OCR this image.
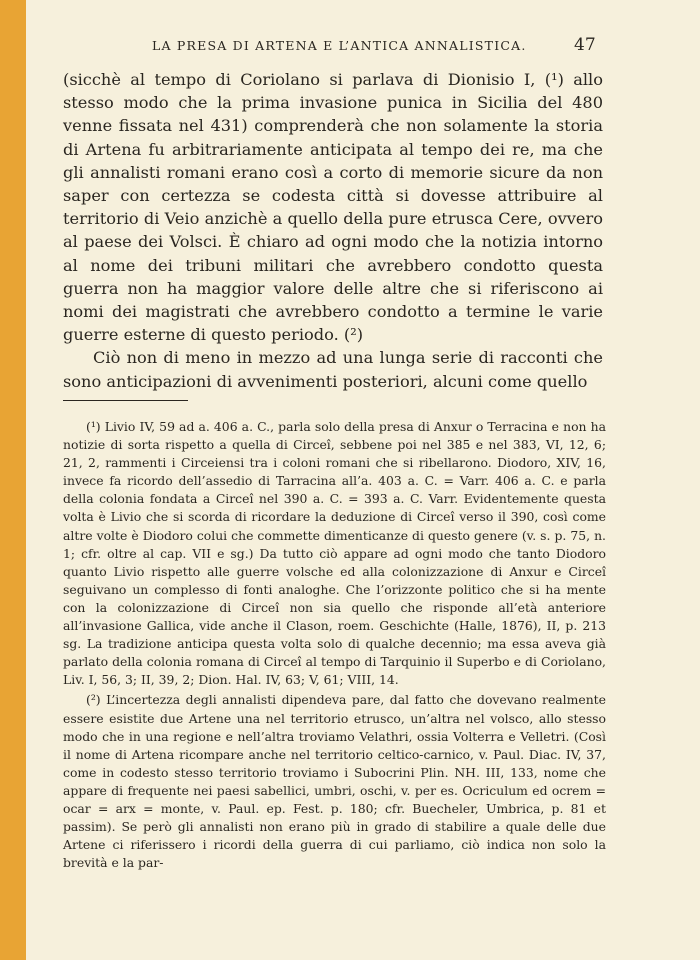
LA PRESA DI ARTENA E L’ANTICA ANNALISTICA.	47

(sicchè al tempo di Coriolano si parlava di Dionisio I, (¹) allo stesso modo che la prima invasione punica in Sicilia del 480 venne fissata nel 431) comprenderà che non solamente la storia di Artena fu arbitrariamente anticipata al tempo dei re, ma che gli annalisti romani erano così a corto di memorie sicure da non saper con certezza se codesta città si dovesse attribuire al territorio di Veio anzichè a quello della pure etrusca Cere, ovvero al paese dei Volsci. È chiaro ad ogni modo che la notizia intorno al nome dei tribuni militari che avrebbero condotto questa guerra non ha maggior valore delle altre che si riferiscono ai nomi dei magistrati che avrebbero condotto a termine le varie guerre esterne di questo periodo. (²)

Ciò non di meno in mezzo ad una lunga serie di racconti che sono anticipazioni di avvenimenti posteriori, alcuni come quello

(¹) Livio IV, 59 ad a. 406 a. C., parla solo della presa di Anxur o Terracina e non ha notizie di sorta rispetto a quella di Circeî, sebbene poi nel 385 e nel 383, VI, 12, 6; 21, 2, rammenti i Circeiensi tra i coloni romani che si ribellarono. Diodoro, XIV, 16, invece fa ricordo dell’assedio di Tarracina all’a. 403 a. C. = Varr. 406 a. C. e parla della colonia fondata a Circeî nel 390 a. C. = 393 a. C. Varr. Evidentemente questa volta è Livio che si scorda di ricordare la deduzione di Circeî verso il 390, così come altre volte è Diodoro colui che commette dimenticanze di questo genere (v. s. p. 75, n. 1; cfr. oltre al cap. VII e sg.) Da tutto ciò appare ad ogni modo che tanto Diodoro quanto Livio rispetto alle guerre volsche ed alla colonizzazione di Anxur e Circeî seguivano un complesso di fonti analoghe. Che l’orizzonte politico che si ha mente con la colonizzazione di Circeî non sia quello che risponde all’età anteriore all’invasione Gallica, vide anche il Clason, roem. Geschichte (Halle, 1876), II, p. 213 sg. La tradizione anticipa questa volta solo di qualche decennio; ma essa aveva già parlato della colonia romana di Circeî al tempo di Tarquinio il Superbo e di Coriolano, Liv. I, 56, 3; II, 39, 2; Dion. Hal. IV, 63; V, 61; VIII, 14.

(²) L’incertezza degli annalisti dipendeva pare, dal fatto che dovevano realmente essere esistite due Artene una nel territorio etrusco, un’altra nel volsco, allo stesso modo che in una regione e nell’altra troviamo Velathri, ossia Volterra e Velletri. (Così il nome di Artena ricompare anche nel territorio celtico-carnico, v. Paul. Diac. IV, 37, come in codesto stesso territorio troviamo i Subocrini Plin. NH. III, 133, nome che appare di frequente nei paesi sabellici, umbri, oschi, v. per es. Ocriculum ed ocrem = ocar = arx = monte, v. Paul. ep. Fest. p. 180; cfr. Buecheler, Umbrica, p. 81 et passim). Se però gli annalisti non erano più in grado di stabilire a quale delle due Artene ci riferissero i ricordi della guerra di cui parliamo, ciò indica non solo la brevità e la par-
